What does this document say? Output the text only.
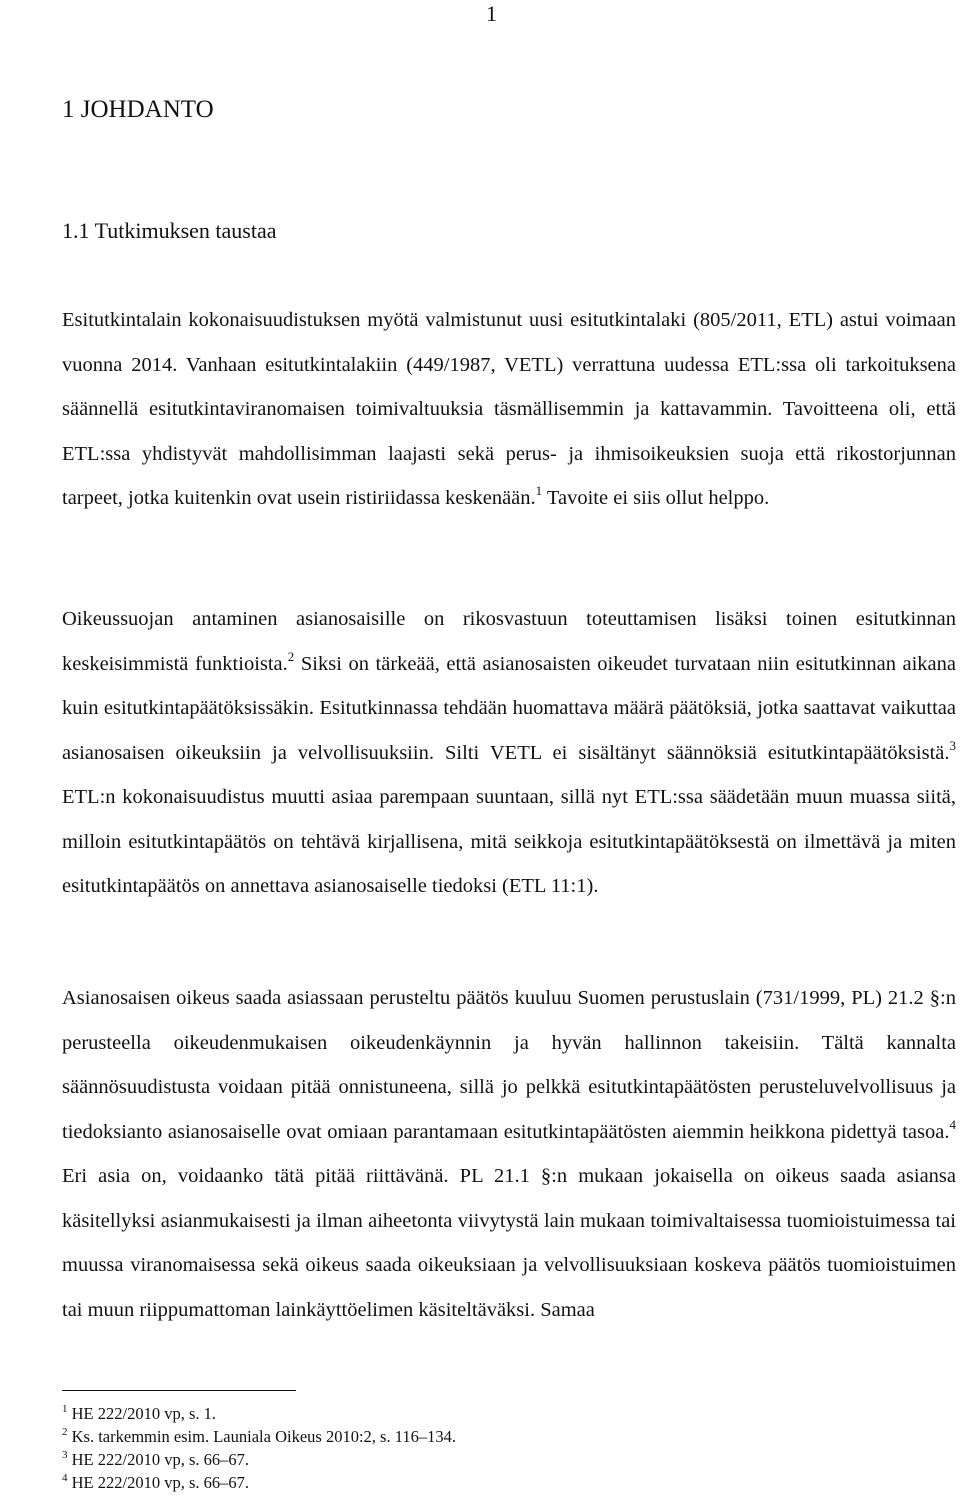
1
1 JOHDANTO
1.1 Tutkimuksen taustaa

Esitutkintalain kokonaisuudistuksen myötä valmistunut uusi esitutkintalaki (805/2011, ETL) astui voimaan vuonna 2014. Vanhaan esitutkintalakiin (449/1987, VETL) verrattuna uudessa ETL:ssa oli tarkoituksena säännellä esitutkintaviranomaisen toimivaltuuksia täsmällisemmin ja kattavammin. Tavoitteena oli, että ETL:ssa yhdistyvät mahdollisimman laajasti sekä perus- ja ihmisoikeuksien suoja että rikostorjunnan tarpeet, jotka kuitenkin ovat usein ristiriidassa keskenään.$^1$ Tavoite ei siis ollut helppo.

Oikeussuojan antaminen asianosaisille on rikosvastuun toteuttamisen lisäksi toinen esitutkinnan keskeisimmistä funktioista.$^2$ Siksi on tärkeää, että asianosaisten oikeudet turvataan niin esitutkinnan aikana kuin esitutkintapäätöksissäkin. Esitutkinnassa tehdään huomattava määrä päätöksiä, jotka saattavat vaikuttaa asianosaisen oikeuksiin ja velvollisuuksiin. Silti VETL ei sisältänyt säännöksiä esitutkintapäätöksistä.$^3$ ETL:n kokonaisuudistus muutti asiaa parempaan suuntaan, sillä nyt ETL:ssa säädetään muun muassa siitä, milloin esitutkintapäätös on tehtävä kirjallisena, mitä seikkoja esitutkintapäätöksestä on ilmettävä ja miten esitutkintapäätös on annettava asianosaiselle tiedoksi (ETL 11:1).

Asianosaisen oikeus saada asiassaan perusteltu päätös kuuluu Suomen perustuslain (731/1999, PL) 21.2 §:n perusteella oikeudenmukaisen oikeudenkäynnin ja hyvän hallinnon takeisiin. Tältä kannalta säännösuudistusta voidaan pitää onnistuneena, sillä jo pelkkä esitutkintapäätösten perusteluvelvollisuus ja tiedoksianto asianosaiselle ovat omiaan parantamaan esitutkintapäätösten aiemmin heikkona pidettyä tasoa.$^4$ Eri asia on, voidaanko tätä pitää riittävänä. PL 21.1 §:n mukaan jokaisella on oikeus saada asiansa käsitellyksi asianmukaisesti ja ilman aiheetonta viivytystä lain mukaan toimivaltaisessa tuomioistuimessa tai muussa viranomaisessa sekä oikeus saada oikeuksiaan ja velvollisuuksiaan koskeva päätös tuomioistuimen tai muun riippumattoman lainkäyttöelimen käsiteltäväksi. Samaa

$^1$ HE 222/2010 vp, s. 1.
$^2$ Ks. tarkemmin esim. Launiala Oikeus 2010:2, s. 116–134.
$^3$ HE 222/2010 vp, s. 66–67.
$^4$ HE 222/2010 vp, s. 66–67.
